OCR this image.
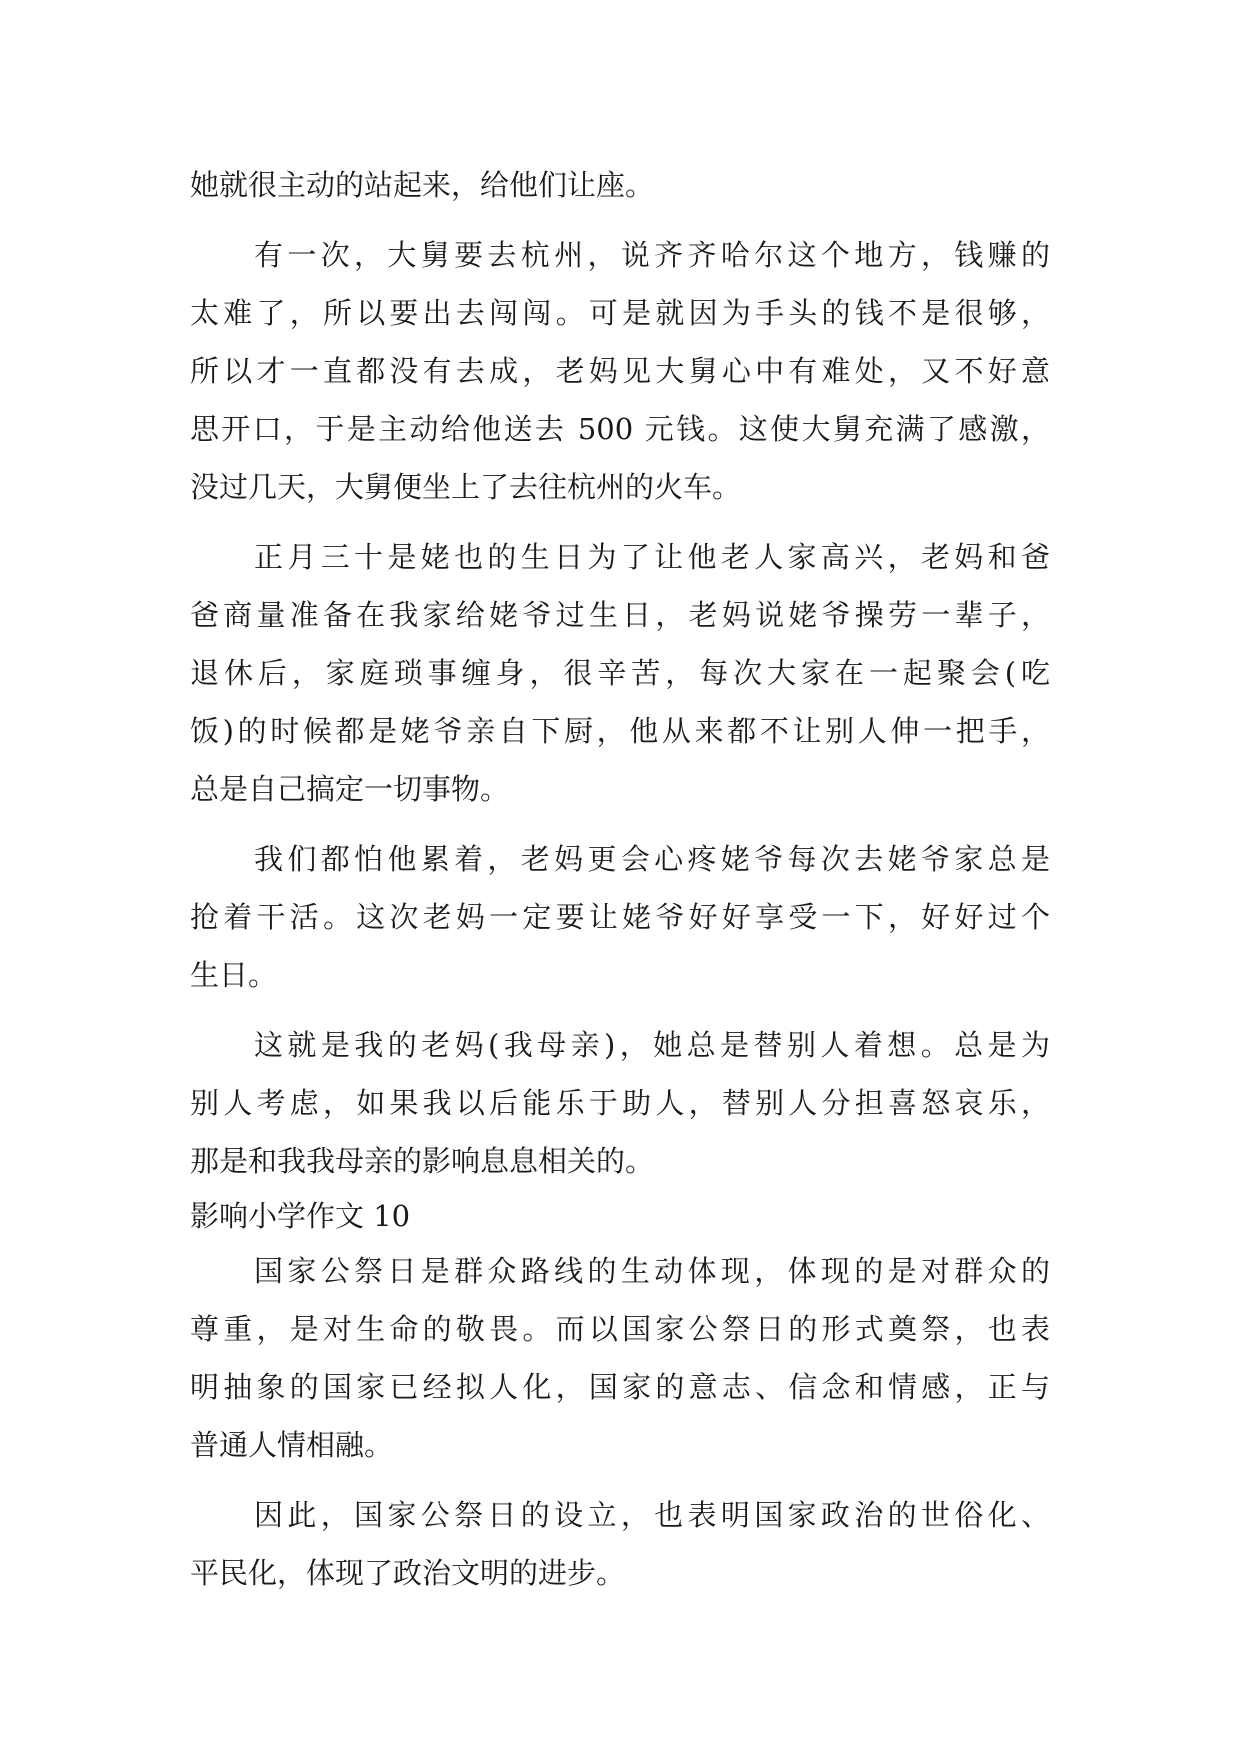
她就很主动的站起来，给他们让座。
有一次，大舅要去杭州，说齐齐哈尔这个地方，钱赚的
太难了，所以要出去闯闯。可是就因为手头的钱不是很够，
所以才一直都没有去成，老妈见大舅心中有难处，又不好意
思开口，于是主动给他送去 500 元钱。这使大舅充满了感激，
没过几天，大舅便坐上了去往杭州的火车。
正月三十是姥也的生日为了让他老人家高兴，老妈和爸
爸商量准备在我家给姥爷过生日，老妈说姥爷操劳一辈子，
退休后，家庭琐事缠身，很辛苦，每次大家在一起聚会(吃
饭)的时候都是姥爷亲自下厨，他从来都不让别人伸一把手，
总是自己搞定一切事物。
我们都怕他累着，老妈更会心疼姥爷每次去姥爷家总是
抢着干活。这次老妈一定要让姥爷好好享受一下，好好过个
生日。
这就是我的老妈(我母亲)，她总是替别人着想。总是为
别人考虑，如果我以后能乐于助人，替别人分担喜怒哀乐，
那是和我我母亲的影响息息相关的。
影响小学作文 10
国家公祭日是群众路线的生动体现，体现的是对群众的
尊重，是对生命的敬畏。而以国家公祭日的形式奠祭，也表
明抽象的国家已经拟人化，国家的意志、信念和情感，正与
普通人情相融。
因此，国家公祭日的设立，也表明国家政治的世俗化、
平民化，体现了政治文明的进步。
